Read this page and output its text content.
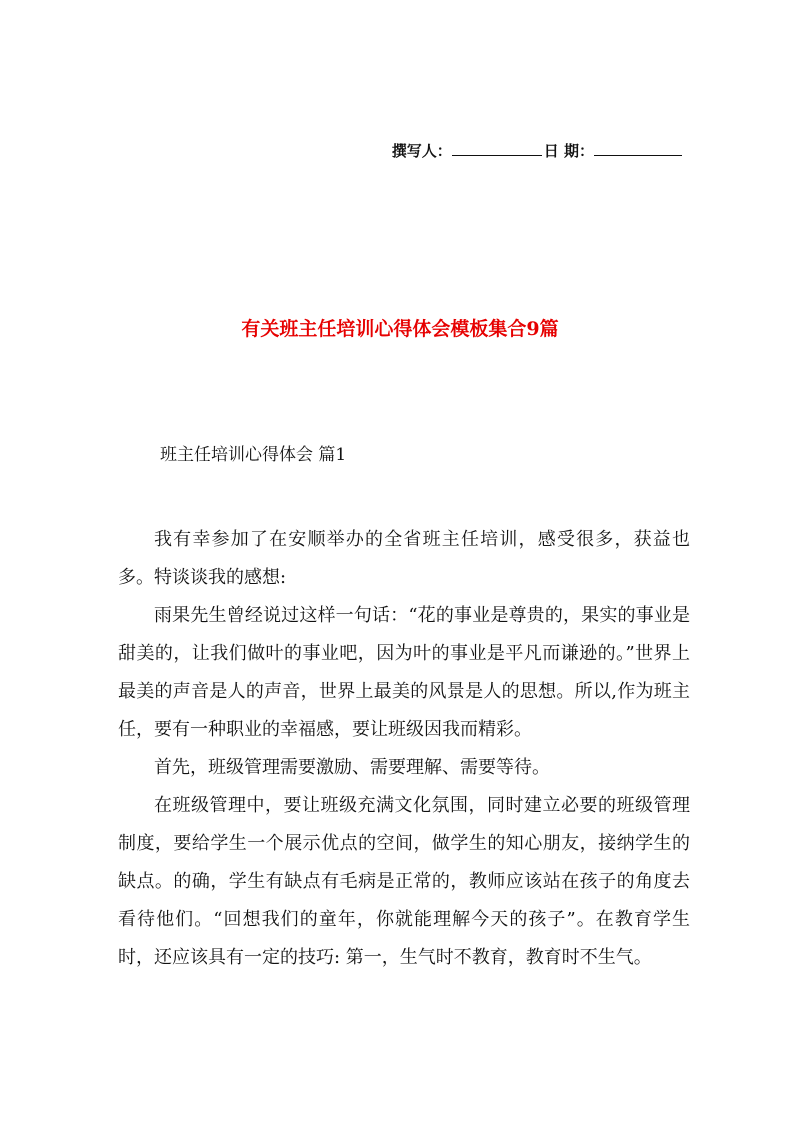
撰写人：	日 期：
有关班主任培训心得体会模板集合9篇
班主任培训心得体会 篇1

我有幸参加了在安顺举办的全省班主任培训，感受很多，获益也多。特谈谈我的感想:

雨果先生曾经说过这样一句话：“花的事业是尊贵的，果实的事业是甜美的，让我们做叶的事业吧，因为叶的事业是平凡而谦逊的。”世界上最美的声音是人的声音，世界上最美的风景是人的思想。所以,作为班主任，要有一种职业的幸福感，要让班级因我而精彩。

首先，班级管理需要激励、需要理解、需要等待。

在班级管理中，要让班级充满文化氛围，同时建立必要的班级管理制度，要给学生一个展示优点的空间，做学生的知心朋友，接纳学生的缺点。的确，学生有缺点有毛病是正常的，教师应该站在孩子的角度去看待他们。“回想我们的童年，你就能理解今天的孩子”。在教育学生时，还应该具有一定的技巧: 第一，生气时不教育，教育时不生气。
